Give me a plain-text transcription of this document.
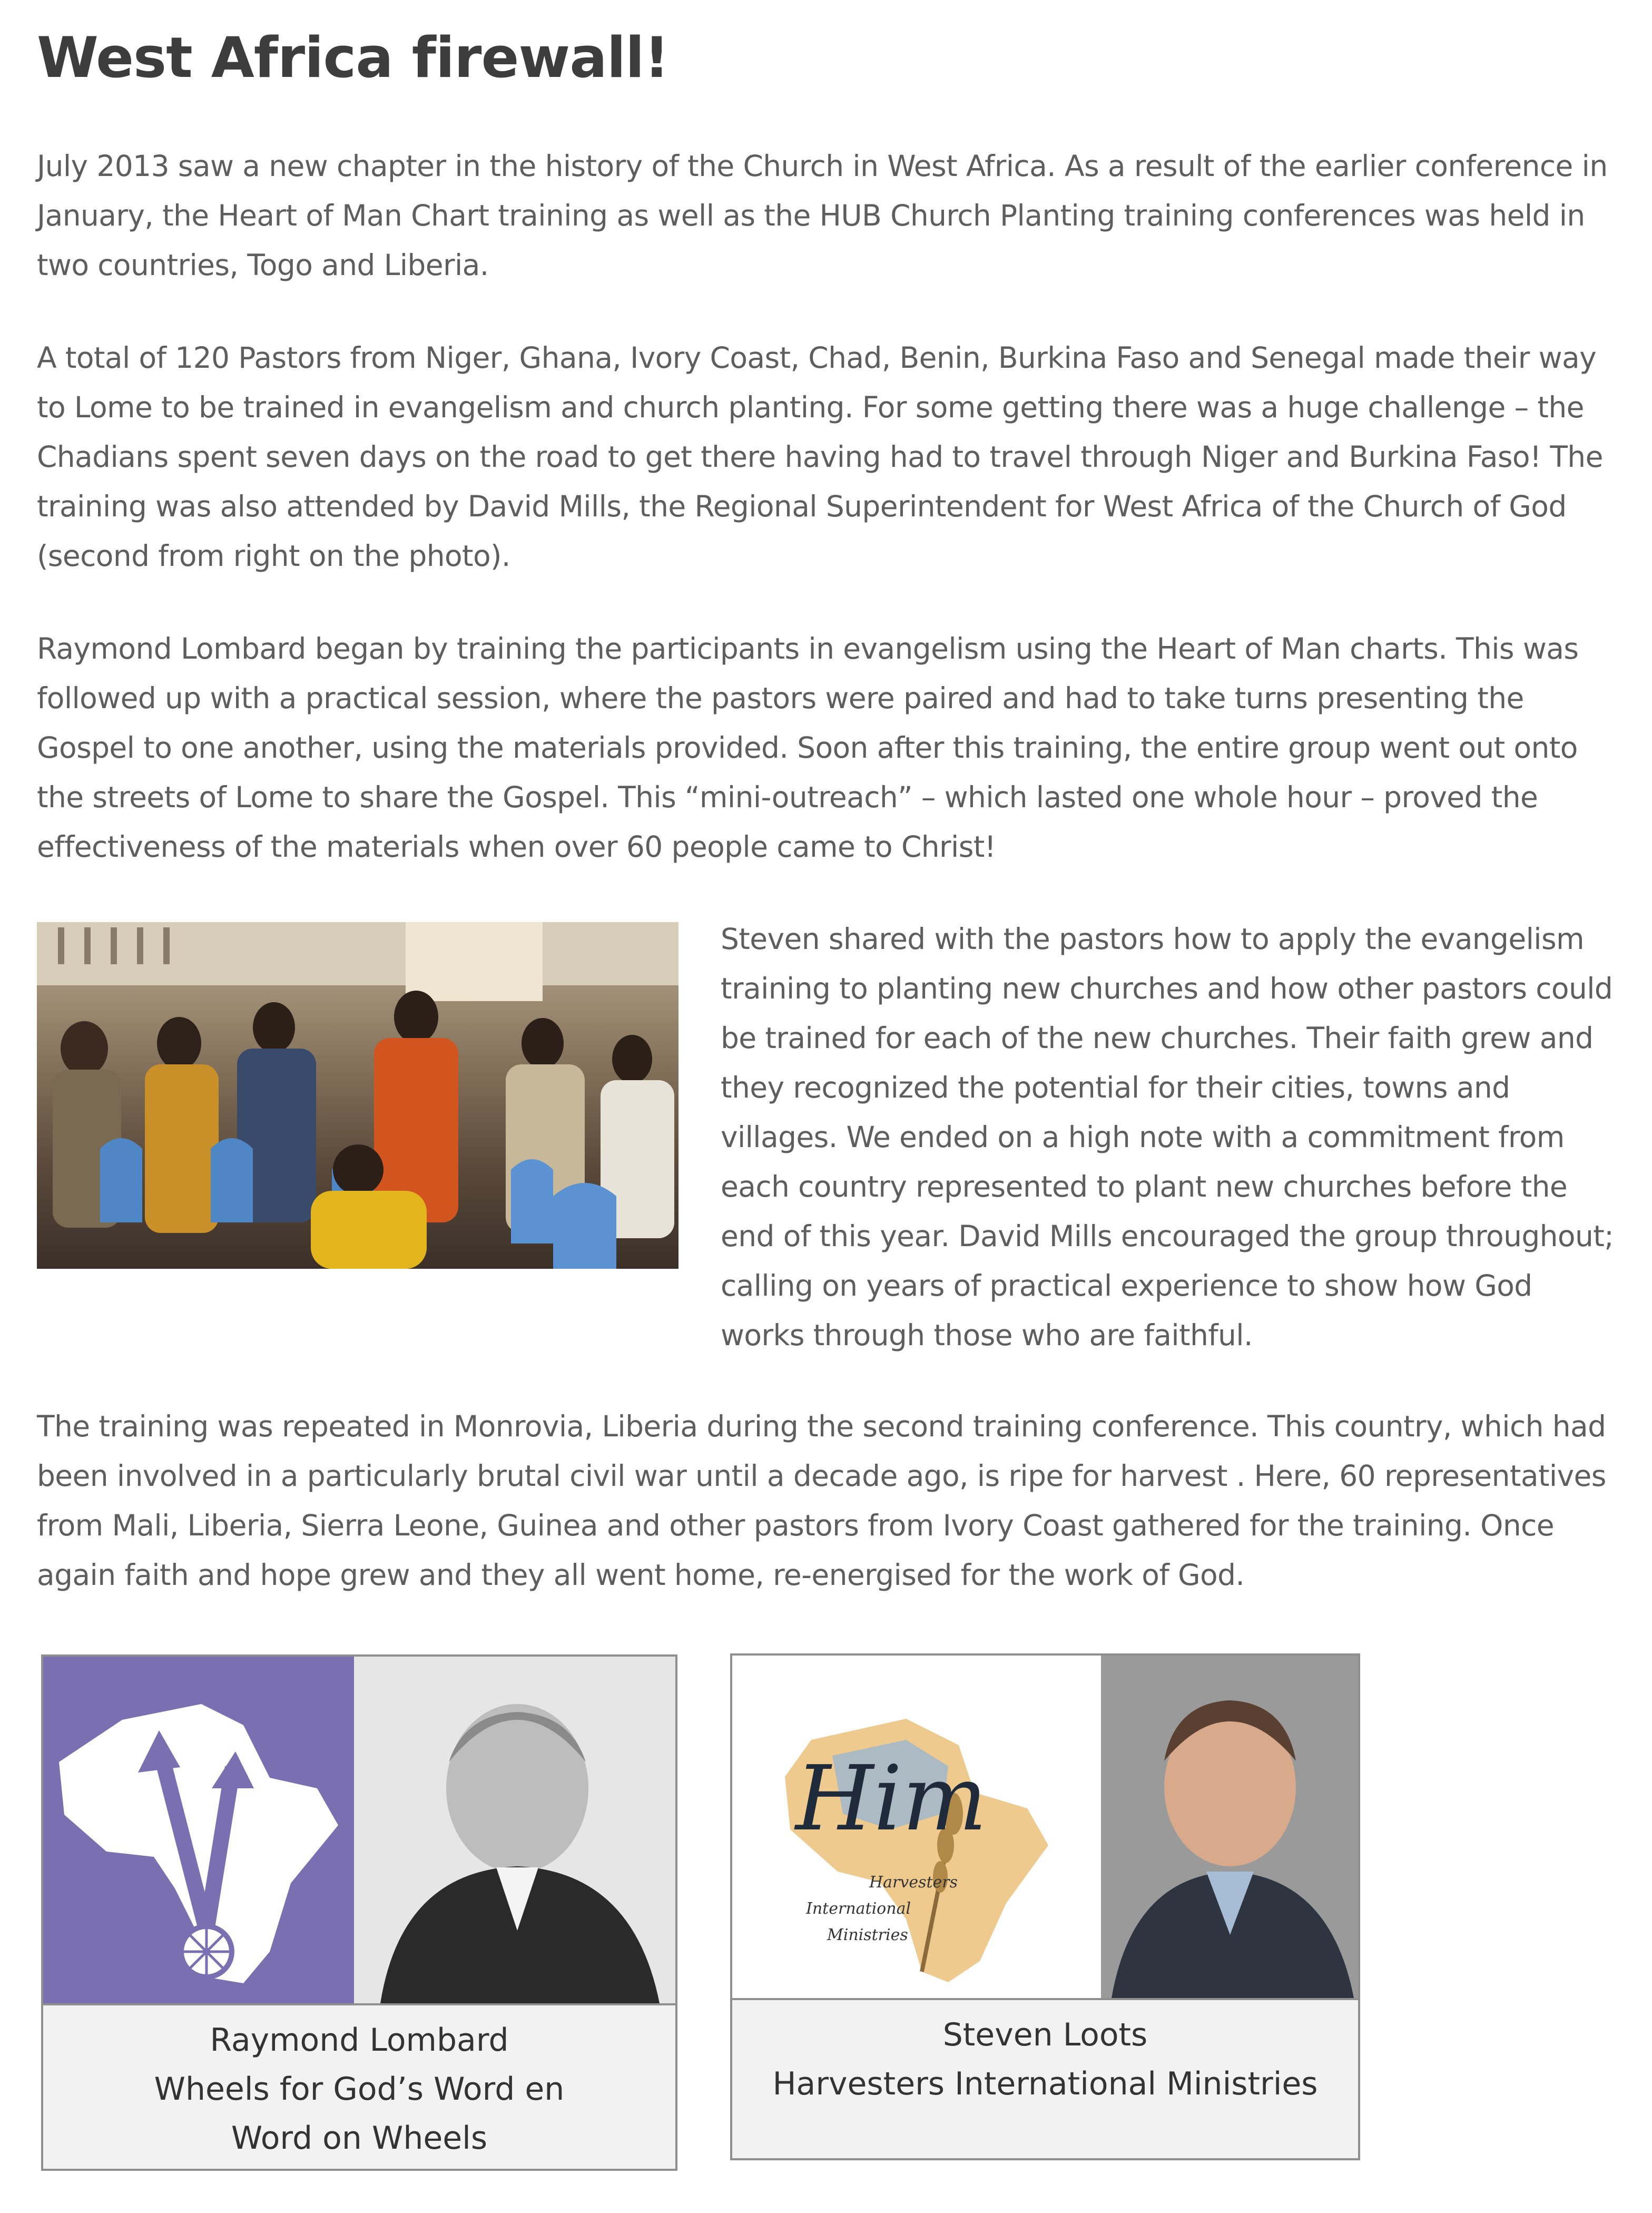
West Africa firewall!

July 2013 saw a new chapter in the history of the Church in West Africa. As a result of the earlier conference in January, the Heart of Man Chart training as well as the HUB Church Planting training conferences was held in two countries, Togo and Liberia.

A total of 120 Pastors from Niger, Ghana, Ivory Coast, Chad, Benin, Burkina Faso and Senegal made their way to Lome to be trained in evangelism and church planting. For some getting there was a huge challenge – the Chadians spent seven days on the road to get there having had to travel through Niger and Burkina Faso! The training was also attended by David Mills, the Regional Superintendent for West Africa of the Church of God (second from right on the photo).

Raymond Lombard began by training the participants in evangelism using the Heart of Man charts. This was followed up with a practical session, where the pastors were paired and had to take turns presenting the Gospel to one another, using the materials provided. Soon after this training, the entire group went out onto the streets of Lome to share the Gospel. This “mini-outreach” – which lasted one whole hour – proved the effectiveness of the materials when over 60 people came to Christ!

Steven shared with the pastors how to apply the evangelism training to planting new churches and how other pastors could be trained for each of the new churches. Their faith grew and they recognized the potential for their cities, towns and villages. We ended on a high note with a commitment from each country represented to plant new churches before the end of this year. David Mills encouraged the group throughout; calling on years of practical experience to show how God works through those who are faithful.

The training was repeated in Monrovia, Liberia during the second training conference. This country, which had been involved in a particularly brutal civil war until a decade ago, is ripe for harvest . Here, 60 representatives from Mali, Liberia, Sierra Leone, Guinea and other pastors from Ivory Coast gathered for the training. Once again faith and hope grew and they all went home, re-energised for the work of God.

Raymond Lombard
Wheels for God’s Word en
Word on Wheels
Him
Harvesters
International
Ministries
Steven Loots
Harvesters International Ministries
